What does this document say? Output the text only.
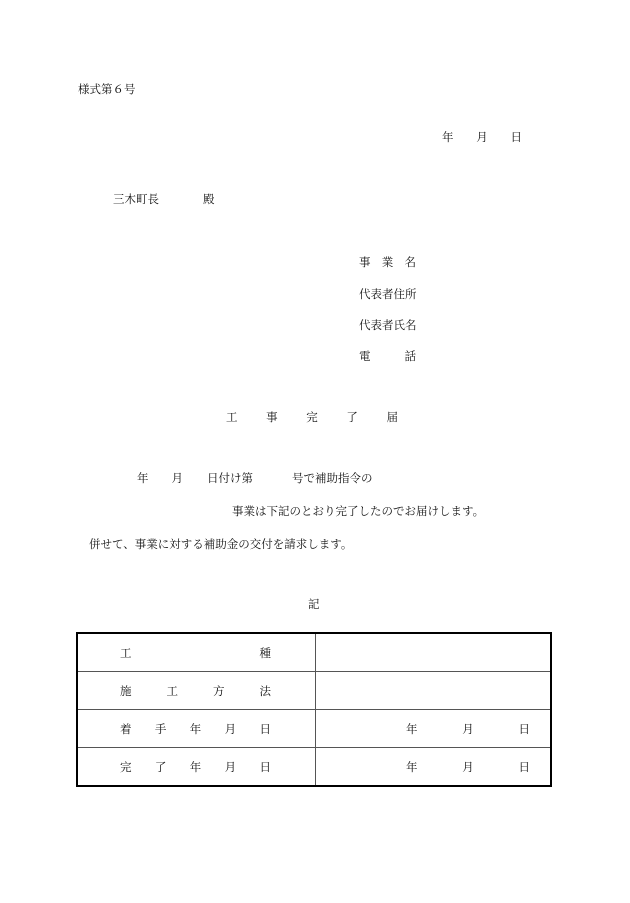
様式第６号
年 月 日
三木町長	殿
事 業 名
代表者住所
代表者氏名
電	話
工 事 完 了 届
年 月 日付け第	号で補助指令の
事業は下記のとおり完了したのでお届けします。
併せて、事業に対する補助金の交付を請求します。
記
工 種	

施 工 方 法	

着 手 年 月 日	年 月 日

完 了 年 月 日	年 月 日
